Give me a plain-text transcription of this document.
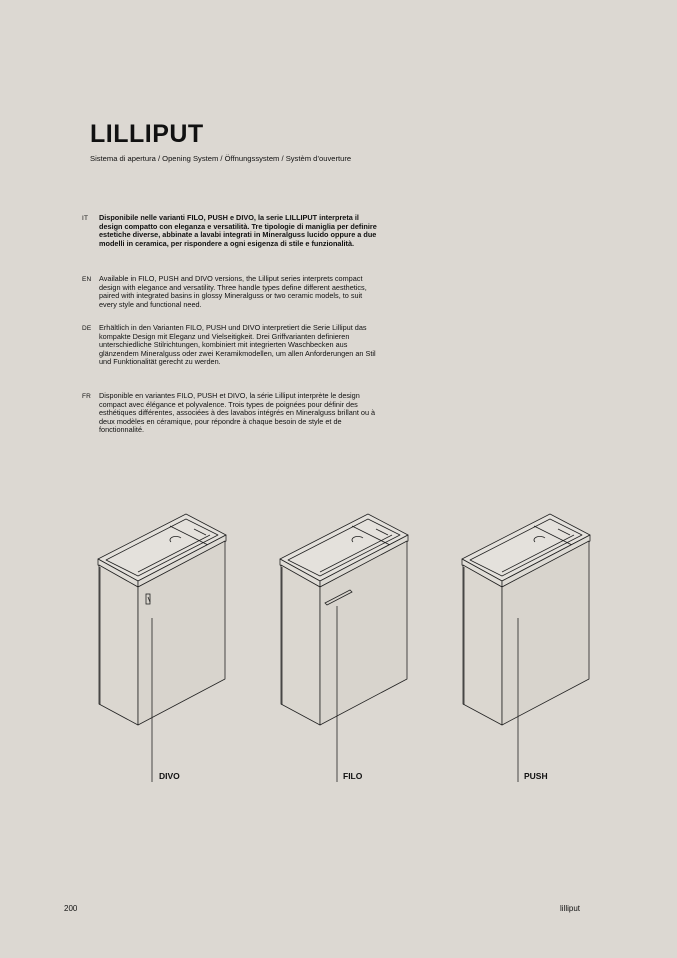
LILLIPUT
Sistema di apertura / Opening System / Öffnungssystem / Systèm d’ouverture
IT	Disponibile nelle varianti FILO, PUSH e DIVO, la serie LILLIPUT interpreta il design compatto con eleganza e versatilità. Tre tipologie di maniglia per definire estetiche diverse, abbinate a lavabi integrati in Mineralguss lucido oppure a due modelli in ceramica, per rispondere a ogni esigenza di stile e funzionalità.
EN	Available in FILO, PUSH and DIVO versions, the Lilliput series interprets compact design with elegance and versatility. Three handle types define different aesthetics, paired with integrated basins in glossy Mineralguss or two ceramic models, to suit every style and functional need.
DE	Erhältlich in den Varianten FILO, PUSH und DIVO interpretiert die Serie Lilliput das kompakte Design mit Eleganz und Vielseitigkeit. Drei Griffvarianten definieren unterschiedliche Stilrichtungen, kombiniert mit integrierten Waschbecken aus glänzendem Mineralguss oder zwei Keramikmodellen, um allen Anforderungen an Stil und Funktionalität gerecht zu werden.
FR	Disponible en variantes FILO, PUSH et DIVO, la série Lilliput interprète le design compact avec élégance et polyvalence. Trois types de poignées pour définir des esthétiques différentes, associées à des lavabos intégrés en Mineralguss brillant ou à deux modèles en céramique, pour répondre à chaque besoin de style et de fonctionnalité.
DIVO	FILO	PUSH
200	lilliput
